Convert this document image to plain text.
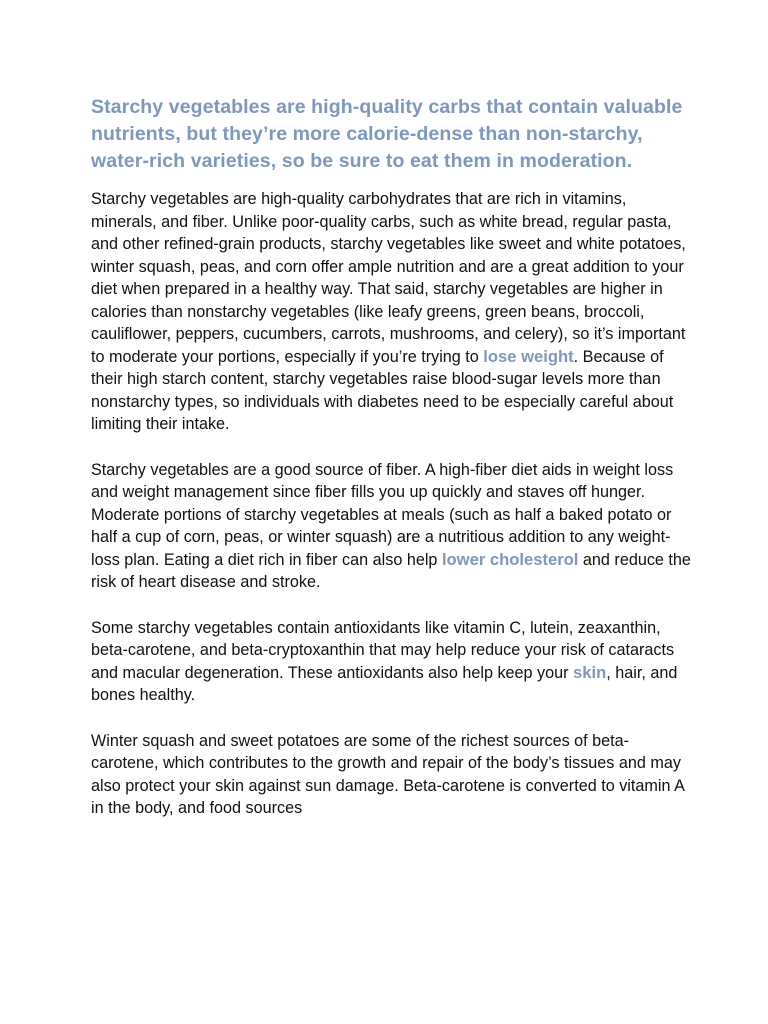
Starchy vegetables are high-quality carbs that contain valuable nutrients, but they’re more calorie-dense than non-starchy, water-rich varieties, so be sure to eat them in moderation.

Starchy vegetables are high-quality carbohydrates that are rich in vitamins, minerals, and fiber. Unlike poor-quality carbs, such as white bread, regular pasta, and other refined-grain products, starchy vegetables like sweet and white potatoes, winter squash, peas, and corn offer ample nutrition and are a great addition to your diet when prepared in a healthy way. That said, starchy vegetables are higher in calories than nonstarchy vegetables (like leafy greens, green beans, broccoli, cauliflower, peppers, cucumbers, carrots, mushrooms, and celery), so it’s important to moderate your portions, especially if you’re trying to lose weight. Because of their high starch content, starchy vegetables raise blood-sugar levels more than nonstarchy types, so individuals with diabetes need to be especially careful about limiting their intake.

Starchy vegetables are a good source of fiber. A high-fiber diet aids in weight loss and weight management since fiber fills you up quickly and staves off hunger. Moderate portions of starchy vegetables at meals (such as half a baked potato or half a cup of corn, peas, or winter squash) are a nutritious addition to any weight-loss plan. Eating a diet rich in fiber can also help lower cholesterol and reduce the risk of heart disease and stroke.

Some starchy vegetables contain antioxidants like vitamin C, lutein, zeaxanthin, beta-carotene, and beta-cryptoxanthin that may help reduce your risk of cataracts and macular degeneration. These antioxidants also help keep your skin, hair, and bones healthy.

Winter squash and sweet potatoes are some of the richest sources of beta-carotene, which contributes to the growth and repair of the body’s tissues and may also protect your skin against sun damage. Beta-carotene is converted to vitamin A in the body, and food sources
